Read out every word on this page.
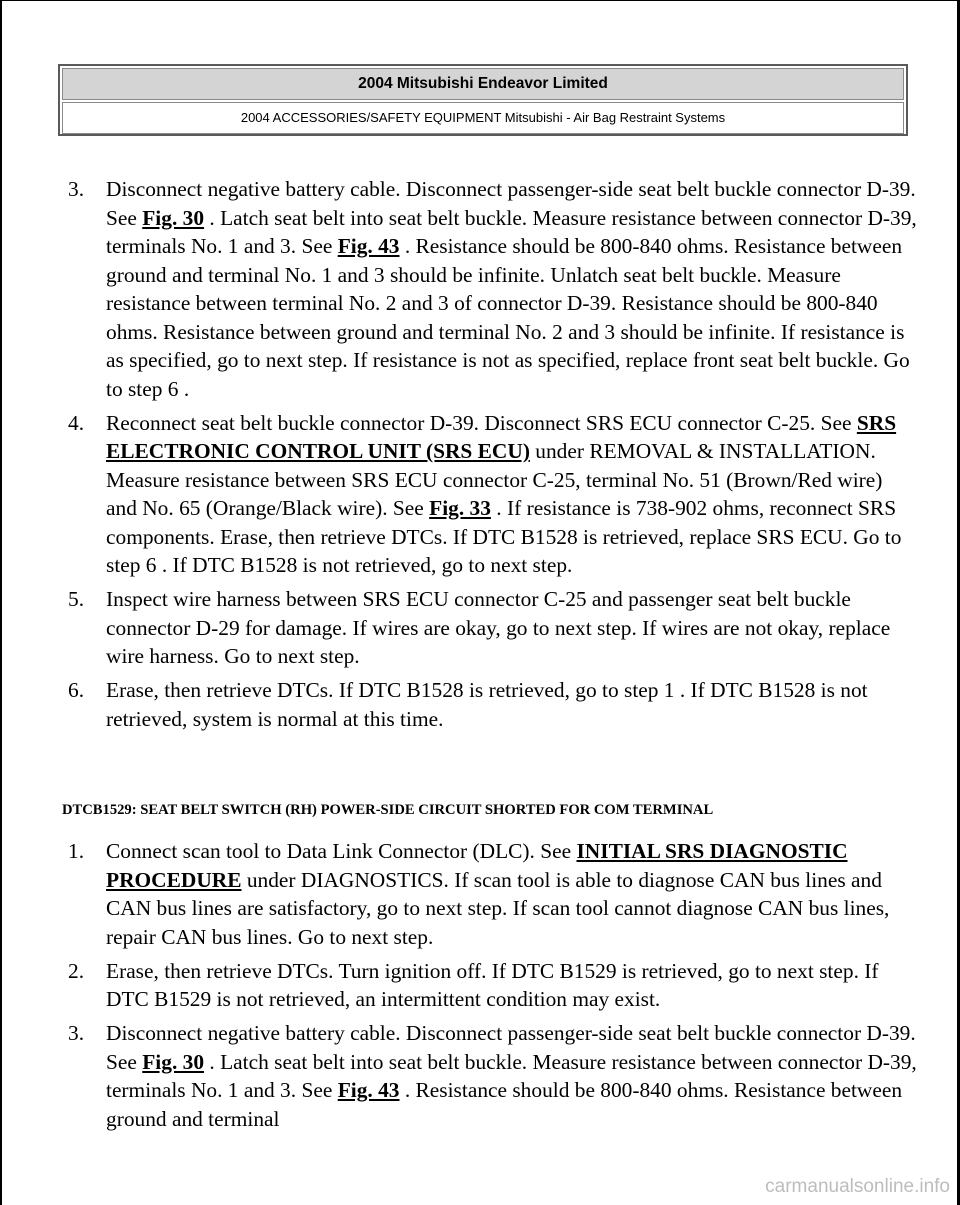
2004 Mitsubishi Endeavor Limited
2004 ACCESSORIES/SAFETY EQUIPMENT Mitsubishi - Air Bag Restraint Systems
3. Disconnect negative battery cable. Disconnect passenger-side seat belt buckle connector D-39. See Fig. 30 . Latch seat belt into seat belt buckle. Measure resistance between connector D-39, terminals No. 1 and 3. See Fig. 43 . Resistance should be 800-840 ohms. Resistance between ground and terminal No. 1 and 3 should be infinite. Unlatch seat belt buckle. Measure resistance between terminal No. 2 and 3 of connector D-39. Resistance should be 800-840 ohms. Resistance between ground and terminal No. 2 and 3 should be infinite. If resistance is as specified, go to next step. If resistance is not as specified, replace front seat belt buckle. Go to step 6 .
4. Reconnect seat belt buckle connector D-39. Disconnect SRS ECU connector C-25. See SRS ELECTRONIC CONTROL UNIT (SRS ECU) under REMOVAL & INSTALLATION. Measure resistance between SRS ECU connector C-25, terminal No. 51 (Brown/Red wire) and No. 65 (Orange/Black wire). See Fig. 33 . If resistance is 738-902 ohms, reconnect SRS components. Erase, then retrieve DTCs. If DTC B1528 is retrieved, replace SRS ECU. Go to step 6 . If DTC B1528 is not retrieved, go to next step.
5. Inspect wire harness between SRS ECU connector C-25 and passenger seat belt buckle connector D-29 for damage. If wires are okay, go to next step. If wires are not okay, replace wire harness. Go to next step.
6. Erase, then retrieve DTCs. If DTC B1528 is retrieved, go to step 1 . If DTC B1528 is not retrieved, system is normal at this time.
DTCB1529: SEAT BELT SWITCH (RH) POWER-SIDE CIRCUIT SHORTED FOR COM TERMINAL
1. Connect scan tool to Data Link Connector (DLC). See INITIAL SRS DIAGNOSTIC PROCEDURE under DIAGNOSTICS. If scan tool is able to diagnose CAN bus lines and CAN bus lines are satisfactory, go to next step. If scan tool cannot diagnose CAN bus lines, repair CAN bus lines. Go to next step.
2. Erase, then retrieve DTCs. Turn ignition off. If DTC B1529 is retrieved, go to next step. If DTC B1529 is not retrieved, an intermittent condition may exist.
3. Disconnect negative battery cable. Disconnect passenger-side seat belt buckle connector D-39. See Fig. 30 . Latch seat belt into seat belt buckle. Measure resistance between connector D-39, terminals No. 1 and 3. See Fig. 43 . Resistance should be 800-840 ohms. Resistance between ground and terminal
carmanualsonline.info
